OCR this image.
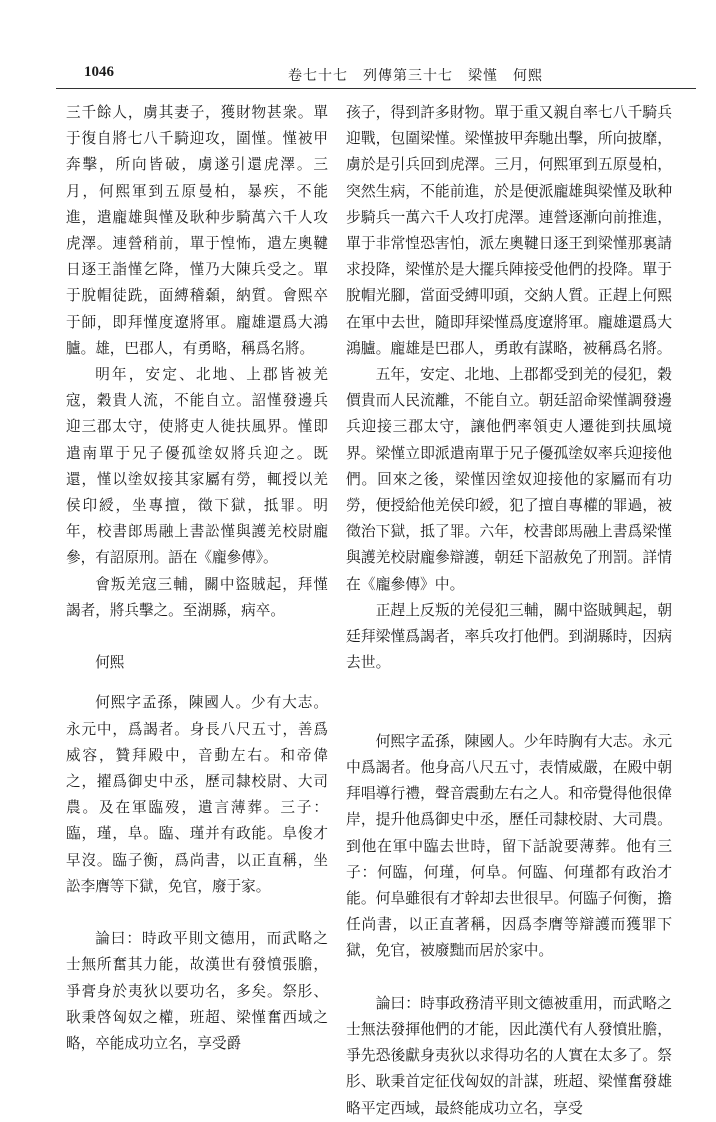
1046	卷七十七　列傳第三十七　梁慬　何熙

三千餘人，虜其妻子，獲財物甚衆。單于復自將七八千騎迎攻，圍慬。慬被甲奔擊，所向皆破，虜遂引還虎澤。三月，何熙軍到五原曼柏，暴疾，不能進，遣龐雄與慬及耿种步騎萬六千人攻虎澤。連營稍前，單于惶怖，遣左奧鞬日逐王詣慬乞降，慬乃大陳兵受之。單于脫帽徒跣，面縛稽顙，納質。會熙卒于師，即拜慬度遼將軍。龐雄還爲大鴻臚。雄，巴郡人，有勇略，稱爲名將。

明年，安定、北地、上郡皆被羌寇，穀貴人流，不能自立。詔慬發邊兵迎三郡太守，使將吏人徙扶風界。慬即遣南單于兄子優孤塗奴將兵迎之。既還，慬以塗奴接其家屬有勞，輒授以羌侯印綬，坐專擅，徵下獄，抵罪。明年，校書郎馬融上書訟慬與護羌校尉龐參，有詔原刑。語在《龐參傳》。

會叛羌寇三輔，關中盜賊起，拜慬謁者，將兵擊之。至湖縣，病卒。

何熙

何熙字孟孫，陳國人。少有大志。永元中，爲謁者。身長八尺五寸，善爲威容，贊拜殿中，音動左右。和帝偉之，擢爲御史中丞，歷司隸校尉、大司農。及在軍臨歿，遺言薄葬。三子：臨，瑾，阜。臨、瑾并有政能。阜俊才早沒。臨子衡，爲尚書，以正直稱，坐訟李膺等下獄，免官，廢于家。

論曰：時政平則文德用，而武略之士無所奮其力能，故漢世有發憤張膽，爭膏身於夷狄以要功名，多矣。祭肜、耿秉啓匈奴之權，班超、梁慬奮西域之略，卒能成功立名，享受爵

孩子，得到許多財物。單于重又親自率七八千騎兵迎戰，包圍梁慬。梁慬披甲奔馳出擊，所向披靡，虜於是引兵回到虎澤。三月，何熙軍到五原曼柏，突然生病，不能前進，於是便派龐雄與梁慬及耿种步騎兵一萬六千人攻打虎澤。連營逐漸向前推進，單于非常惶恐害怕，派左奧鞬日逐王到梁慬那裏請求投降，梁慬於是大擺兵陣接受他們的投降。單于脫帽光腳，當面受縛叩頭，交納人質。正趕上何熙在軍中去世，隨即拜梁慬爲度遼將軍。龐雄還爲大鴻臚。龐雄是巴郡人，勇敢有謀略，被稱爲名將。

五年，安定、北地、上郡都受到羌的侵犯，穀價貴而人民流離，不能自立。朝廷詔命梁慬調發邊兵迎接三郡太守，讓他們率領吏人遷徙到扶風境界。梁慬立即派遣南單于兄子優孤塗奴率兵迎接他們。回來之後，梁慬因塗奴迎接他的家屬而有功勞，便授給他羌侯印綬，犯了擅自專權的罪過，被徵治下獄，抵了罪。六年，校書郎馬融上書爲梁慬與護羌校尉龐參辯護，朝廷下詔赦免了刑罰。詳情在《龐參傳》中。

正趕上反叛的羌侵犯三輔，關中盜賊興起，朝廷拜梁慬爲謁者，率兵攻打他們。到湖縣時，因病去世。

何熙字孟孫，陳國人。少年時胸有大志。永元中爲謁者。他身高八尺五寸，表情威嚴，在殿中朝拜唱導行禮，聲音震動左右之人。和帝覺得他很偉岸，提升他爲御史中丞，歷任司隸校尉、大司農。到他在軍中臨去世時，留下話說要薄葬。他有三子：何臨，何瑾，何阜。何臨、何瑾都有政治才能。何阜雖很有才幹却去世很早。何臨子何衡，擔任尚書，以正直著稱，因爲李膺等辯護而獲罪下獄，免官，被廢黜而居於家中。

論曰：時事政務清平則文德被重用，而武略之士無法發揮他們的才能，因此漢代有人發憤壯膽，爭先恐後獻身夷狄以求得功名的人實在太多了。祭肜、耿秉首定征伐匈奴的計謀，班超、梁慬奮發雄略平定西域，最終能成功立名，享受
